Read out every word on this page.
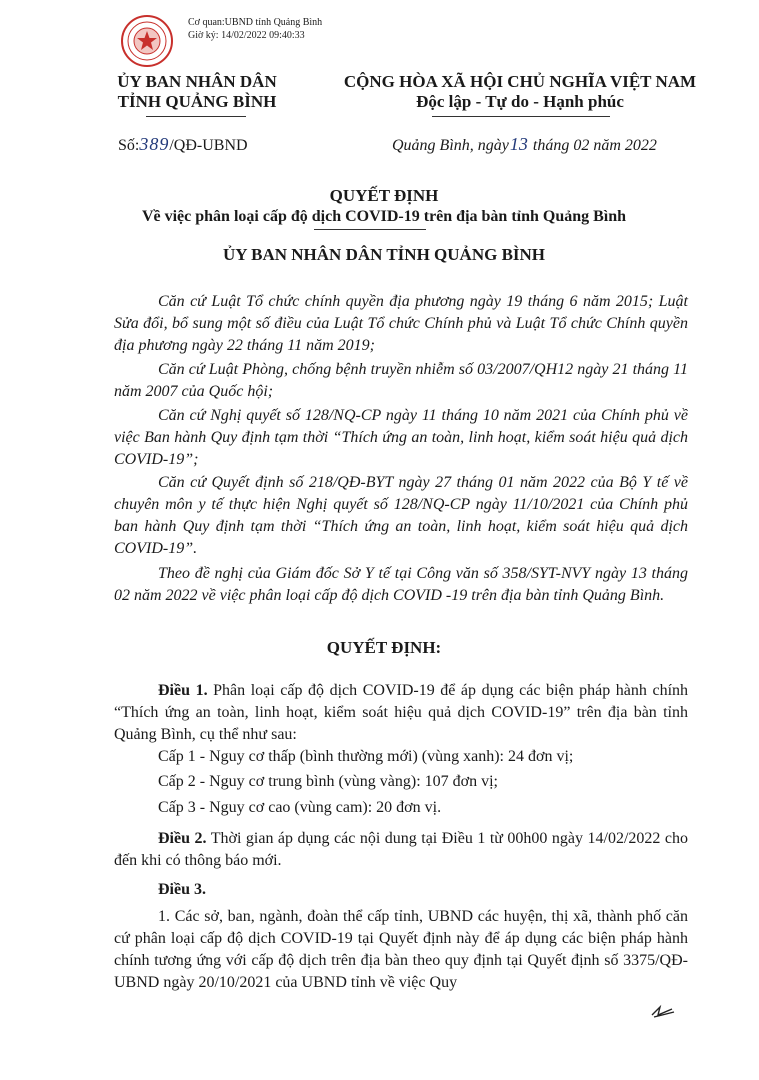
Cơ quan:UBND tỉnh Quảng Bình
Giờ ký: 14/02/2022 09:40:33
ỦY BAN NHÂN DÂN
TỈNH QUẢNG BÌNH
CỘNG HÒA XÃ HỘI CHỦ NGHĨA VIỆT NAM
Độc lập - Tự do - Hạnh phúc
Số:389/QĐ-UBND	Quảng Bình, ngày13 tháng 02 năm 2022
QUYẾT ĐỊNH
Về việc phân loại cấp độ dịch COVID-19 trên địa bàn tỉnh Quảng Bình
ỦY BAN NHÂN DÂN TỈNH QUẢNG BÌNH

Căn cứ Luật Tổ chức chính quyền địa phương ngày 19 tháng 6 năm 2015; Luật Sửa đổi, bổ sung một số điều của Luật Tổ chức Chính phủ và Luật Tổ chức Chính quyền địa phương ngày 22 tháng 11 năm 2019;

Căn cứ Luật Phòng, chống bệnh truyền nhiễm số 03/2007/QH12 ngày 21 tháng 11 năm 2007 của Quốc hội;

Căn cứ Nghị quyết số 128/NQ-CP ngày 11 tháng 10 năm 2021 của Chính phủ về việc Ban hành Quy định tạm thời “Thích ứng an toàn, linh hoạt, kiểm soát hiệu quả dịch COVID-19”;

Căn cứ Quyết định số 218/QĐ-BYT ngày 27 tháng 01 năm 2022 của Bộ Y tế về chuyên môn y tế thực hiện Nghị quyết số 128/NQ-CP ngày 11/10/2021 của Chính phủ ban hành Quy định tạm thời “Thích ứng an toàn, linh hoạt, kiểm soát hiệu quả dịch COVID-19”.

Theo đề nghị của Giám đốc Sở Y tế tại Công văn số 358/SYT-NVY ngày 13 tháng 02 năm 2022 về việc phân loại cấp độ dịch COVID -19 trên địa bàn tỉnh Quảng Bình.

QUYẾT ĐỊNH:

Điều 1. Phân loại cấp độ dịch COVID-19 để áp dụng các biện pháp hành chính “Thích ứng an toàn, linh hoạt, kiểm soát hiệu quả dịch COVID-19” trên địa bàn tỉnh Quảng Bình, cụ thể như sau:

Cấp 1 - Nguy cơ thấp (bình thường mới) (vùng xanh): 24 đơn vị;

Cấp 2 - Nguy cơ trung bình (vùng vàng): 107 đơn vị;

Cấp 3 - Nguy cơ cao (vùng cam): 20 đơn vị.

Điều 2. Thời gian áp dụng các nội dung tại Điều 1 từ 00h00 ngày 14/02/2022 cho đến khi có thông báo mới.

Điều 3.

1. Các sở, ban, ngành, đoàn thể cấp tỉnh, UBND các huyện, thị xã, thành phố căn cứ phân loại cấp độ dịch COVID-19 tại Quyết định này để áp dụng các biện pháp hành chính tương ứng với cấp độ dịch trên địa bàn theo quy định tại Quyết định số 3375/QĐ-UBND ngày 20/10/2021 của UBND tỉnh về việc Quy
